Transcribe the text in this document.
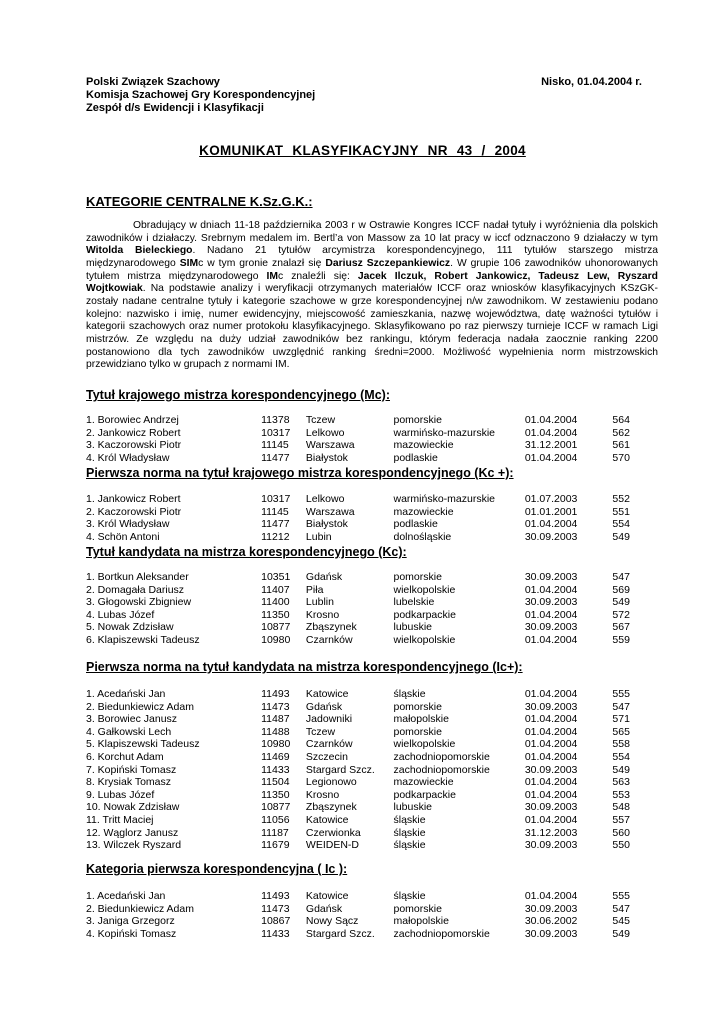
Polski Związek Szachowy
Komisja Szachowej Gry Korespondencyjnej
Zespół d/s Ewidencji i Klasyfikacji
Nisko, 01.04.2004 r.
KOMUNIKAT KLASYFIKACYJNY NR 43 / 2004
KATEGORIE CENTRALNE K.Sz.G.K.:
Obradujący w dniach 11-18 października 2003 r w Ostrawie Kongres ICCF nadał tytuły i wyróżnienia dla polskich zawodników i działaczy. Srebrnym medalem im. Bertl’a von Massow za 10 lat pracy w iccf odznaczono 9 działaczy w tym Witolda Bieleckiego. Nadano 21 tytułów arcymistrza korespondencyjnego, 111 tytułów starszego mistrza międzynarodowego SIMc w tym gronie znalazł się Dariusz Szczepankiewicz. W grupie 106 zawodników uhonorowanych tytułem mistrza międzynarodowego IMc znaleźli się: Jacek Ilczuk, Robert Jankowicz, Tadeusz Lew, Ryszard Wojtkowiak. Na podstawie analizy i weryfikacji otrzymanych materiałów ICCF oraz wniosków klasyfikacyjnych KSzGK- zostały nadane centralne tytuły i kategorie szachowe w grze korespondencyjnej n/w zawodnikom. W zestawieniu podano kolejno: nazwisko i imię, numer ewidencyjny, miejscowość zamieszkania, nazwę województwa, datę ważności tytułów i kategorii szachowych oraz numer protokołu klasyfikacyjnego. Sklasyfikowano po raz pierwszy turnieje ICCF w ramach Ligi mistrzów. Ze względu na duży udział zawodników bez rankingu, którym federacja nadała zaocznie ranking 2200 postanowiono dla tych zawodników uwzględnić ranking średni=2000. Możliwość wypełnienia norm mistrzowskich przewidziano tylko w grupach z normami IM.
Tytuł krajowego mistrza korespondencyjnego (Mc):
1. Borowiec Andrzej	11378	Tczew	pomorskie	01.04.2004	564
2. Jankowicz Robert	10317	Lelkowo	warmińsko-mazurskie	01.04.2004	562
3. Kaczorowski Piotr	11145	Warszawa	mazowieckie	31.12.2001	561
4. Król Władysław	11477	Białystok	podlaskie	01.04.2004	570
Pierwsza norma na tytuł krajowego mistrza korespondencyjnego (Kc +):
1. Jankowicz Robert	10317	Lelkowo	warmińsko-mazurskie	01.07.2003	552
2. Kaczorowski Piotr	11145	Warszawa	mazowieckie	01.01.2001	551
3. Król Władysław	11477	Białystok	podlaskie	01.04.2004	554
4. Schön Antoni	11212	Lubin	dolnośląskie	30.09.2003	549
Tytuł kandydata na mistrza korespondencyjnego (Kc):
1. Bortkun Aleksander	10351	Gdańsk	pomorskie	30.09.2003	547
2. Domagała Dariusz	11407	Piła	wielkopolskie	01.04.2004	569
3. Głogowski Zbigniew	11400	Lublin	lubelskie	30.09.2003	549
4. Lubas Józef	11350	Krosno	podkarpackie	01.04.2004	572
5. Nowak Zdzisław	10877	Zbąszynek	lubuskie	30.09.2003	567
6. Klapiszewski Tadeusz	10980	Czarnków	wielkopolskie	01.04.2004	559
Pierwsza norma na tytuł kandydata na mistrza korespondencyjnego (Ic+):
1. Acedański Jan	11493	Katowice	śląskie	01.04.2004	555
2. Biedunkiewicz Adam	11473	Gdańsk	pomorskie	30.09.2003	547
3. Borowiec Janusz	11487	Jadowniki	małopolskie	01.04.2004	571
4. Gałkowski Lech	11488	Tczew	pomorskie	01.04.2004	565
5. Klapiszewski Tadeusz	10980	Czarnków	wielkopolskie	01.04.2004	558
6. Korchut Adam	11469	Szczecin	zachodniopomorskie	01.04.2004	554
7. Kopiński Tomasz	11433	Stargard Szcz.	zachodniopomorskie	30.09.2003	549
8. Krysiak Tomasz	11504	Legionowo	mazowieckie	01.04.2004	563
9. Lubas Józef	11350	Krosno	podkarpackie	01.04.2004	553
10. Nowak Zdzisław	10877	Zbąszynek	lubuskie	30.09.2003	548
11. Tritt Maciej	11056	Katowice	śląskie	01.04.2004	557
12. Wąglorz Janusz	11187	Czerwionka	śląskie	31.12.2003	560
13. Wilczek Ryszard	11679	WEIDEN-D	śląskie	30.09.2003	550
Kategoria pierwsza korespondencyjna ( Ic ):
1. Acedański Jan	11493	Katowice	śląskie	01.04.2004	555
2. Biedunkiewicz Adam	11473	Gdańsk	pomorskie	30.09.2003	547
3. Janiga Grzegorz	10867	Nowy Sącz	małopolskie	30.06.2002	545
4. Kopiński Tomasz	11433	Stargard Szcz.	zachodniopomorskie	30.09.2003	549
